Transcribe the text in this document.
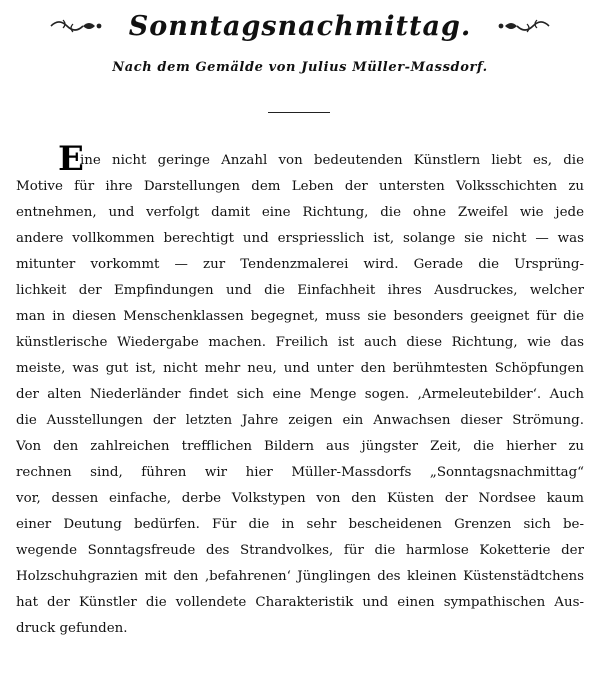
Sonntagsnachmittag.
Nach dem Gemälde von Julius Müller-Massdorf.
E
ine nicht geringe Anzahl von bedeutenden Künstlern liebt es, die
Motive für ihre Darstellungen dem Leben der untersten Volksschichten zu
entnehmen, und verfolgt damit eine Richtung, die ohne Zweifel wie jede
andere vollkommen berechtigt und erspriesslich ist, solange sie nicht — was
mitunter vorkommt — zur Tendenzmalerei wird. Gerade die Ursprüng-
lichkeit der Empfindungen und die Einfachheit ihres Ausdruckes, welcher
man in diesen Menschenklassen begegnet, muss sie besonders geeignet für die
künstlerische Wiedergabe machen. Freilich ist auch diese Richtung, wie das
meiste, was gut ist, nicht mehr neu, und unter den berühmtesten Schöpfungen
der alten Niederländer findet sich eine Menge sogen. ‚Armeleutebilder‘. Auch
die Ausstellungen der letzten Jahre zeigen ein Anwachsen dieser Strömung.
Von den zahlreichen trefflichen Bildern aus jüngster Zeit, die hierher zu
rechnen sind, führen wir hier Müller-Massdorfs „Sonntagsnachmittag“
vor, dessen einfache, derbe Volkstypen von den Küsten der Nordsee kaum
einer Deutung bedürfen. Für die in sehr bescheidenen Grenzen sich be-
wegende Sonntagsfreude des Strandvolkes, für die harmlose Koketterie der
Holzschuhgrazien mit den ‚befahrenen‘ Jünglingen des kleinen Küstenstädtchens
hat der Künstler die vollendete Charakteristik und einen sympathischen Aus-
druck gefunden.
